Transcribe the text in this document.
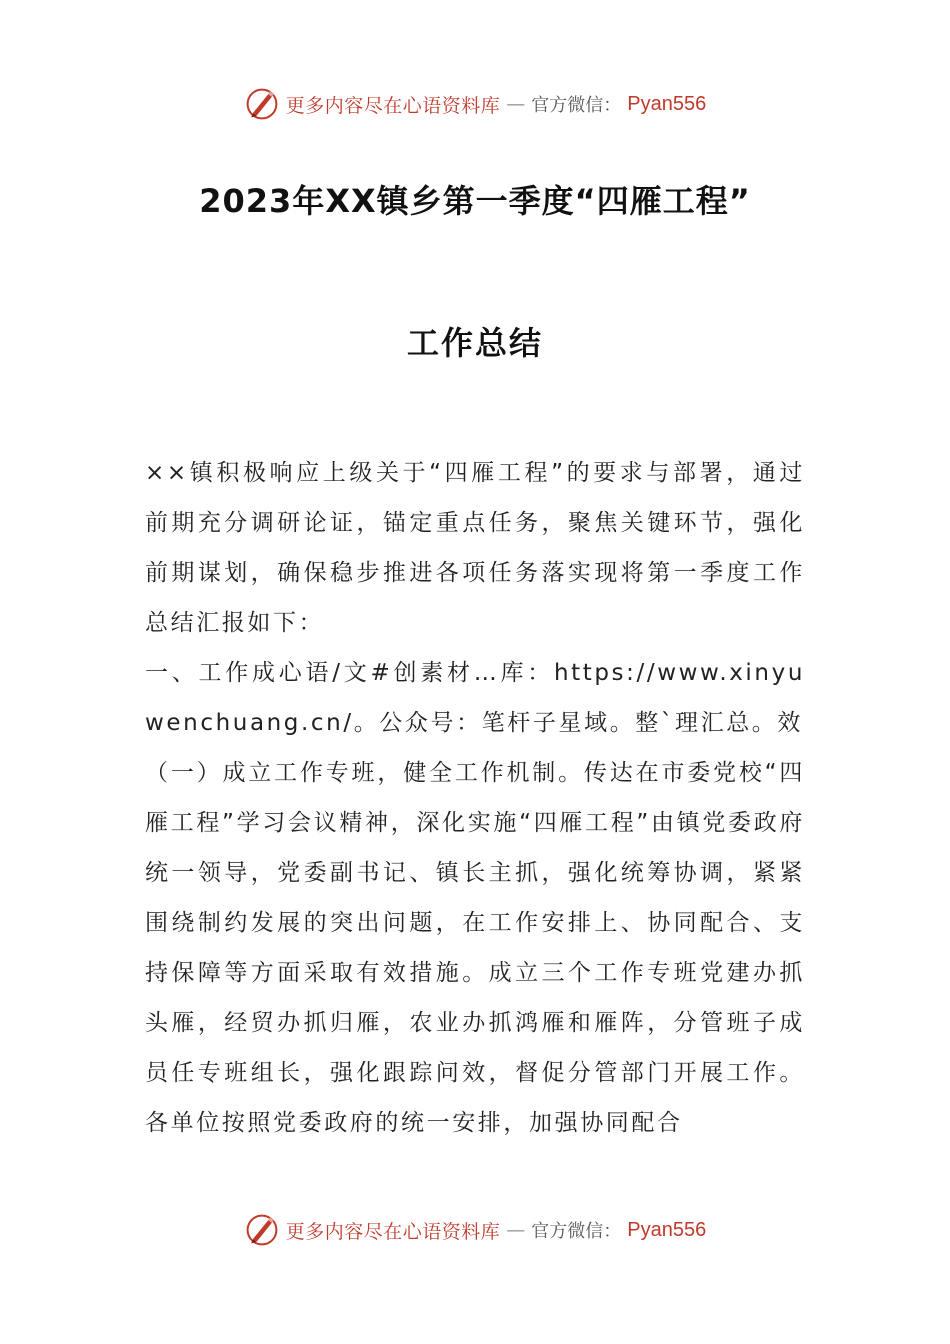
更多内容尽在心语资料库 — 官方微信： Pyan556
2023年XX镇乡第一季度“四雁工程”
工作总结

××镇积极响应上级关于“四雁工程”的要求与部署，通过前期充分调研论证，锚定重点任务，聚焦关键环节，强化前期谋划，确保稳步推进各项任务落实现将第一季度工作总结汇报如下：

一、工作成心语/文#创素材…库：https://www.xinyuwenchuang.cn/。公众号：笔杆子星域。整`理汇总。效

（一）成立工作专班，健全工作机制。传达在市委党校“四雁工程”学习会议精神，深化实施“四雁工程”由镇党委政府统一领导，党委副书记、镇长主抓，强化统筹协调，紧紧围绕制约发展的突出问题，在工作安排上、协同配合、支持保障等方面采取有效措施。成立三个工作专班党建办抓头雁，经贸办抓归雁，农业办抓鸿雁和雁阵，分管班子成员任专班组长，强化跟踪问效，督促分管部门开展工作。各单位按照党委政府的统一安排，加强协同配合

更多内容尽在心语资料库 — 官方微信： Pyan556
